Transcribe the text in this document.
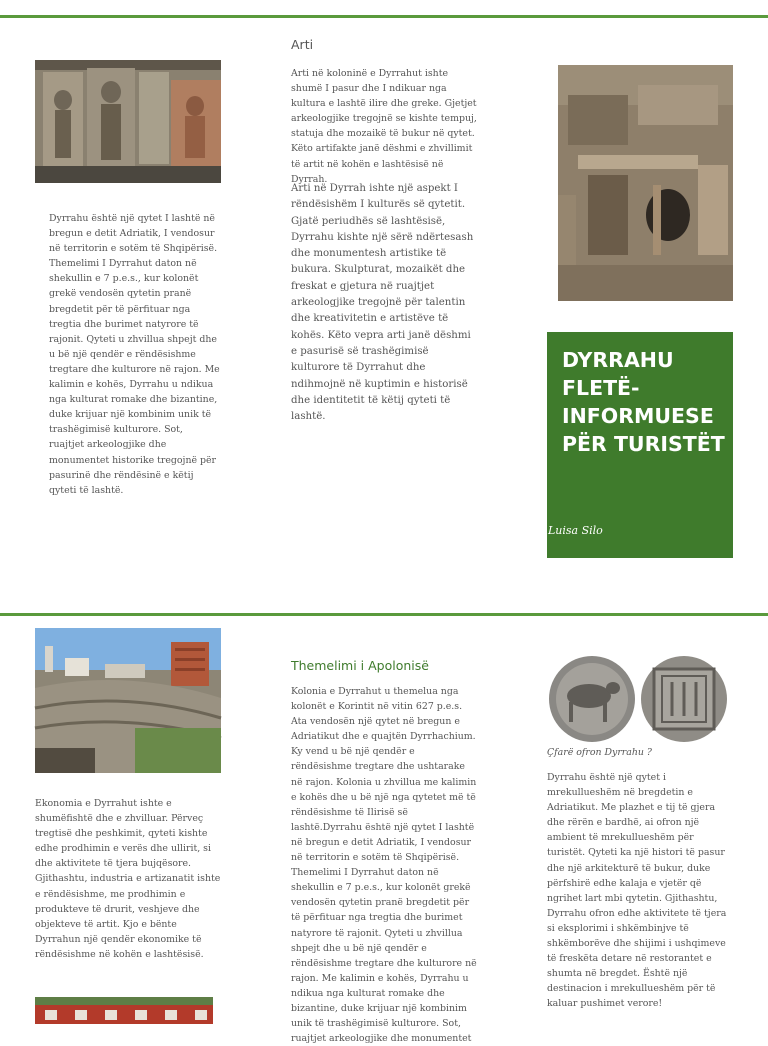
Dyrrahu është një qytet I lashtë në bregun e detit Adriatik, I vendosur në territorin e sotëm të Shqipërisë. Themelimi I Dyrrahut daton në shekullin e 7 p.e.s., kur kolonët grekë vendosën qytetin pranë bregdetit për të përfituar nga tregtia dhe burimet natyrore të rajonit. Qyteti u zhvillua shpejt dhe u bë një qendër e rëndësishme tregtare dhe kulturore në rajon. Me kalimin e kohës, Dyrrahu u ndikua nga kulturat romake dhe bizantine, duke krijuar një kombinim unik të trashëgimisë kulturore. Sot, ruajtjet arkeologjike dhe monumentet historike tregojnë për pasurinë dhe rëndësinë e këtij qyteti të lashtë.

Arti

Arti në koloninë e Dyrrahut ishte shumë I pasur dhe I ndikuar nga kultura e lashtë ilire dhe greke. Gjetjet arkeologjike tregojnë se kishte tempuj, statuja dhe mozaikë të bukur në qytet. Këto artifakte janë dëshmi e zhvillimit të artit në kohën e lashtësisë në Dyrrah.

Arti në Dyrrah ishte një aspekt I rëndësishëm I kulturës së qytetit. Gjatë periudhës së lashtësisë, Dyrrahu kishte një sërë ndërtesash dhe monumentesh artistike të bukura. Skulpturat, mozaikët dhe freskat e gjetura në ruajtjet arkeologjike tregojnë për talentin dhe kreativitetin e artistëve të kohës. Këto vepra arti janë dëshmi e pasurisë së trashëgimisë kulturore të Dyrrahut dhe ndihmojnë në kuptimin e historisë dhe identitetit të këtij qyteti të lashtë.

DYRRAHU FLETË-INFORMUESE PËR TURISTËT

Luisa Silo

Ekonomia e Dyrrahut ishte e shumëfishtë dhe e zhvilluar. Përveç tregtisë dhe peshkimit, qyteti kishte edhe prodhimin e verës dhe ullirit, si dhe aktivitete të tjera bujqësore. Gjithashtu, industria e artizanatit ishte e rëndësishme, me prodhimin e produkteve të drurit, veshjeve dhe objekteve të artit. Kjo e bënte Dyrrahun një qendër ekonomike të rëndësishme në kohën e lashtësisë.

Themelimi i Apolonisë

Kolonia e Dyrrahut u themelua nga kolonët e Korintit në vitin 627 p.e.s. Ata vendosën një qytet në bregun e Adriatikut dhe e quajtën Dyrrhachium. Ky vend u bë një qendër e rëndësishme tregtare dhe ushtarake në rajon. Kolonia u zhvillua me kalimin e kohës dhe u bë një nga qytetet më të rëndësishme të Ilirisë së lashtë.Dyrrahu është një qytet I lashtë në bregun e detit Adriatik, I vendosur në territorin e sotëm të Shqipërisë. Themelimi I Dyrrahut daton në shekullin e 7 p.e.s., kur kolonët grekë vendosën qytetin pranë bregdetit për të përfituar nga tregtia dhe burimet natyrore të rajonit. Qyteti u zhvillua shpejt dhe u bë një qendër e rëndësishme tregtare dhe kulturore në rajon. Me kalimin e kohës, Dyrrahu u ndikua nga kulturat romake dhe bizantine, duke krijuar një kombinim unik të trashëgimisë kulturore. Sot, ruajtjet arkeologjike dhe monumentet

Çfarë ofron Dyrrahu ?

Dyrrahu është një qytet i mrekullueshëm në bregdetin e Adriatikut. Me plazhet e tij të gjera dhe rërën e bardhë, ai ofron një ambient të mrekullueshëm për turistët. Qyteti ka një histori të pasur dhe një arkitekturë të bukur, duke përfshirë edhe kalaja e vjetër që ngrihet lart mbi qytetin. Gjithashtu, Dyrrahu ofron edhe aktivitete të tjera si eksplorimi i shkëmbinjve të shkëmborëve dhe shijimi i ushqimeve të freskëta detare në restorantet e shumta në bregdet. Është një destinacion i mrekullueshëm për të kaluar pushimet verore!
